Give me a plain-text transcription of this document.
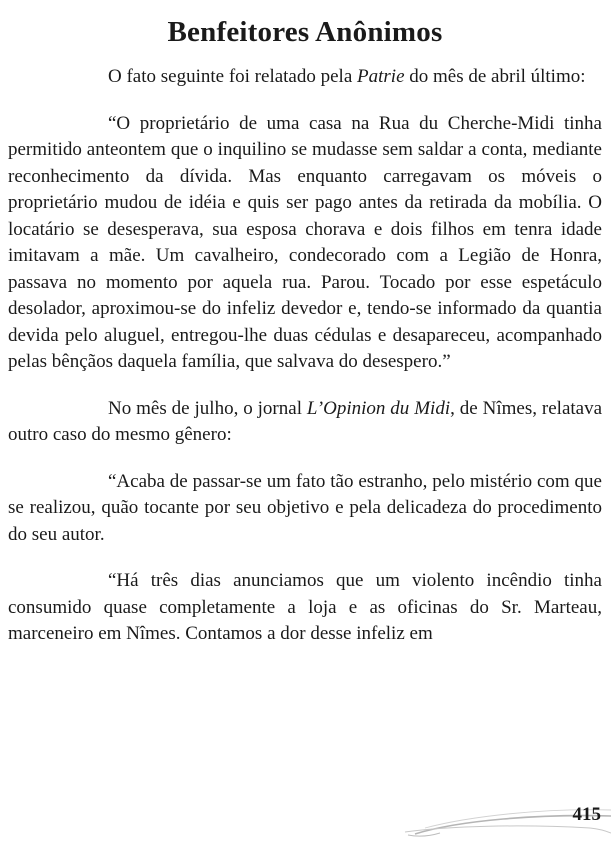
Benfeitores Anônimos

O fato seguinte foi relatado pela Patrie do mês de abril último:

“O proprietário de uma casa na Rua du Cherche-Midi tinha permitido anteontem que o inquilino se mudasse sem saldar a conta, mediante reconhecimento da dívida. Mas enquanto carregavam os móveis o proprietário mudou de idéia e quis ser pago antes da retirada da mobília. O locatário se desesperava, sua esposa chorava e dois filhos em tenra idade imitavam a mãe. Um cavalheiro, condecorado com a Legião de Honra, passava no momento por aquela rua. Parou. Tocado por esse espetáculo desolador, aproximou-se do infeliz devedor e, tendo-se informado da quantia devida pelo aluguel, entregou-lhe duas cédulas e desapareceu, acompanhado pelas bênçãos daquela família, que salvava do desespero.”

No mês de julho, o jornal L’Opinion du Midi, de Nîmes, relatava outro caso do mesmo gênero:

“Acaba de passar-se um fato tão estranho, pelo mistério com que se realizou, quão tocante por seu objetivo e pela delicadeza do procedimento do seu autor.

“Há três dias anunciamos que um violento incêndio tinha consumido quase completamente a loja e as oficinas do Sr. Marteau, marceneiro em Nîmes. Contamos a dor desse infeliz em

415
